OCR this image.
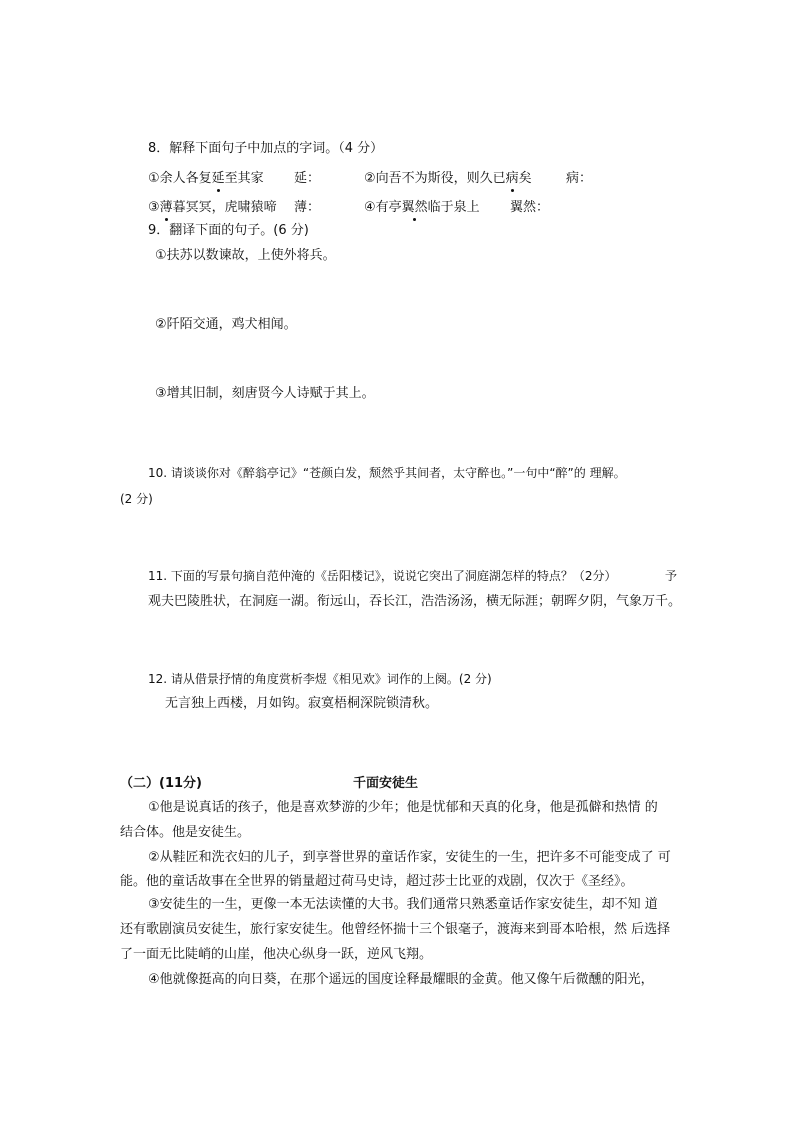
8．解释下面句子中加点的字词。（4 分）
①余人各复延至其家 延：	②向吾不为斯役，则久已病矣	病：
③薄暮冥冥，虎啸猿啼 薄：	④有亭翼然临于泉上 翼然：
9．翻译下面的句子。(6 分)
①扶苏以数谏故，上使外将兵。
②阡陌交通，鸡犬相闻。
③增其旧制，刻唐贤今人诗赋于其上。
10. 请谈谈你对《醉翁亭记》“苍颜白发，颓然乎其间者，太守醉也。”一句中“醉”的 理解。
(2 分)
11. 下面的写景句摘自范仲淹的《岳阳楼记》，说说它突出了洞庭湖怎样的特点？（2分）	予
观夫巴陵胜状，在洞庭一湖。衔远山，吞长江，浩浩汤汤，横无际涯；朝晖夕阴，气象万千。
12. 请从借景抒情的角度赏析李煜《相见欢》词作的上阕。(2 分)
无言独上西楼，月如钩。寂寞梧桐深院锁清秋。
（二）(11分)	千面安徒生
①他是说真话的孩子，他是喜欢梦游的少年；他是忧郁和天真的化身，他是孤僻和热情 的
结合体。他是安徒生。
②从鞋匠和洗衣妇的儿子，到享誉世界的童话作家，安徒生的一生，把许多不可能变成了 可
能。他的童话故事在全世界的销量超过荷马史诗，超过莎士比亚的戏剧，仅次于《圣经》。
③安徒生的一生，更像一本无法读懂的大书。我们通常只熟悉童话作家安徒生，却不知 道
还有歌剧演员安徒生，旅行家安徒生。他曾经怀揣十三个银毫子，渡海来到哥本哈根，然 后选择
了一面无比陡峭的山崖，他决心纵身一跃，逆风飞翔。
④他就像挺高的向日葵，在那个遥远的国度诠释最耀眼的金黄。他又像午后微醺的阳光，
